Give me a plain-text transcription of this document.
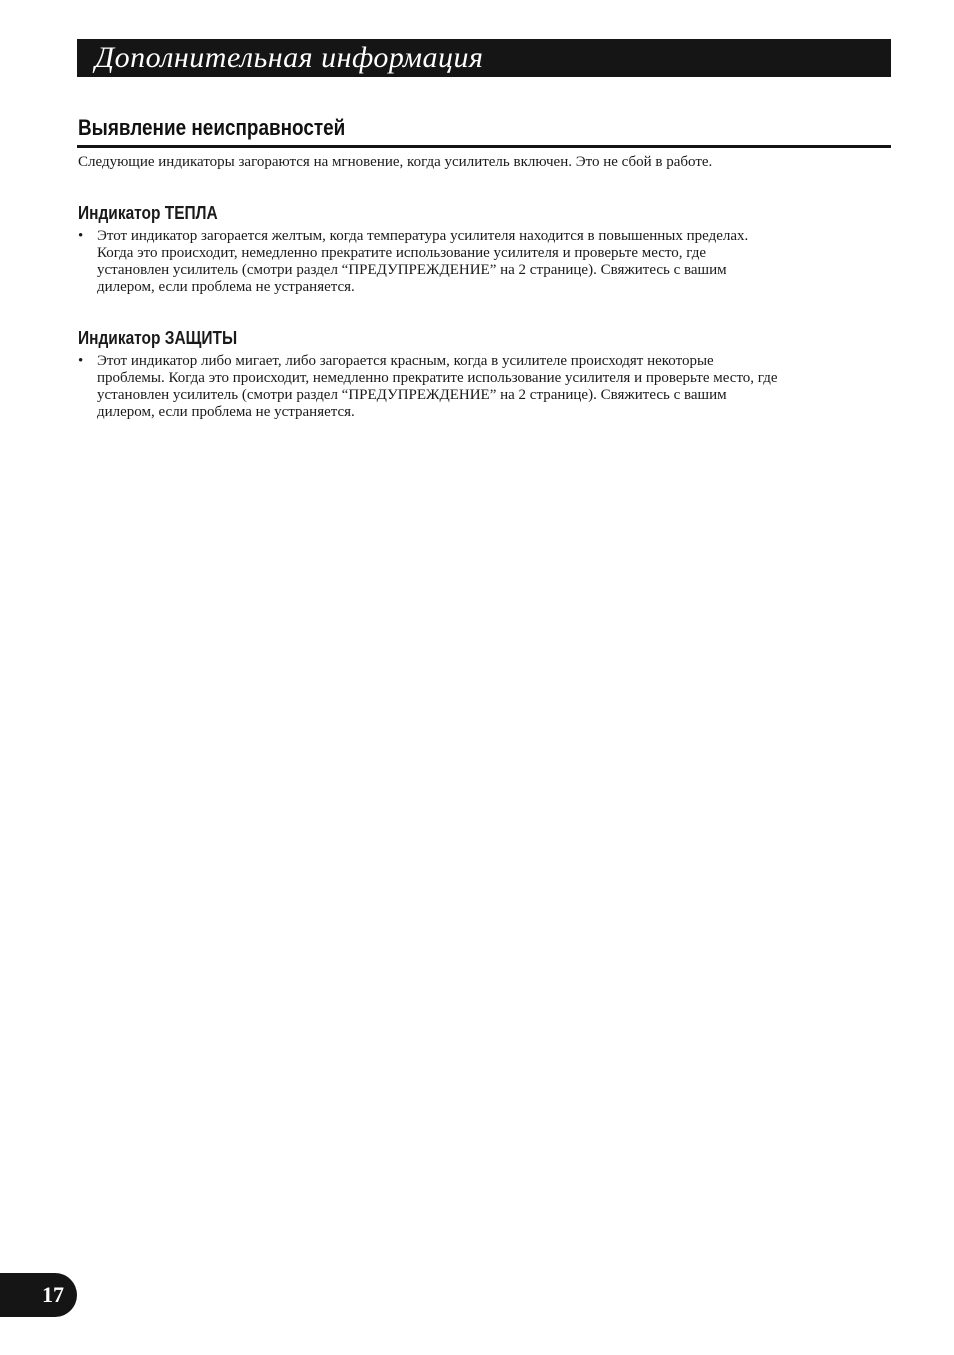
Дополнительная информация
Выявление неисправностей
Следующие индикаторы загораются на мгновение, когда усилитель включен. Это не сбой в работе.
Индикатор ТЕПЛА
• Этот индикатор загорается желтым, когда температура усилителя находится в повышенных пределах.
Когда это происходит, немедленно прекратите использование усилителя и проверьте место, где
установлен усилитель (смотри раздел “ПРЕДУПРЕЖДЕНИЕ” на 2 странице). Свяжитесь с вашим
дилером, если проблема не устраняется.
Индикатор ЗАЩИТЫ
• Этот индикатор либо мигает, либо загорается красным, когда в усилителе происходят некоторые
проблемы. Когда это происходит, немедленно прекратите использование усилителя и проверьте место, где
установлен усилитель (смотри раздел “ПРЕДУПРЕЖДЕНИЕ” на 2 странице). Свяжитесь с вашим
дилером, если проблема не устраняется.
17
